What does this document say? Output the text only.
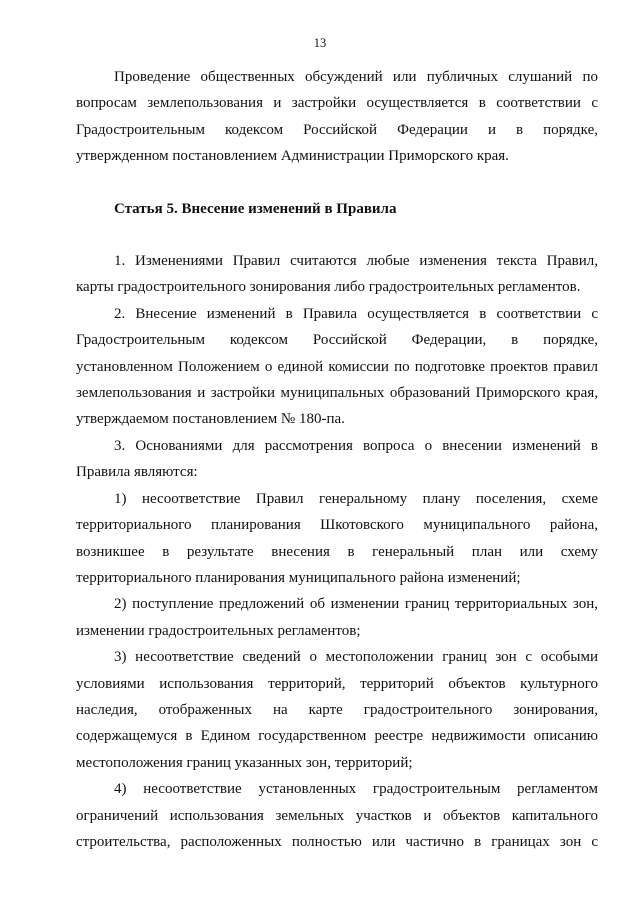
13
Проведение общественных обсуждений или публичных слушаний по
вопросам землепользования и застройки осуществляется в соответствии с
Градостроительным кодексом Российской Федерации и в порядке,
утвержденном постановлением Администрации Приморского края.
Статья 5. Внесение изменений в Правила
1. Изменениями Правил считаются любые изменения текста Правил,
карты градостроительного зонирования либо градостроительных регламентов.
2. Внесение изменений в Правила осуществляется в соответствии с
Градостроительным кодексом Российской Федерации, в порядке,
установленном Положением о единой комиссии по подготовке проектов правил
землепользования и застройки муниципальных образований Приморского края,
утверждаемом постановлением № 180-па.
3. Основаниями для рассмотрения вопроса о внесении изменений в
Правила являются:
1) несоответствие Правил генеральному плану поселения, схеме
территориального планирования Шкотовского муниципального района,
возникшее в результате внесения в генеральный план или схему
территориального планирования муниципального района изменений;
2) поступление предложений об изменении границ территориальных зон,
изменении градостроительных регламентов;
3) несоответствие сведений о местоположении границ зон с особыми
условиями использования территорий, территорий объектов культурного
наследия, отображенных на карте градостроительного зонирования,
содержащемуся в Едином государственном реестре недвижимости описанию
местоположения границ указанных зон, территорий;
4) несоответствие установленных градостроительным регламентом
ограничений использования земельных участков и объектов капитального
строительства, расположенных полностью или частично в границах зон с
